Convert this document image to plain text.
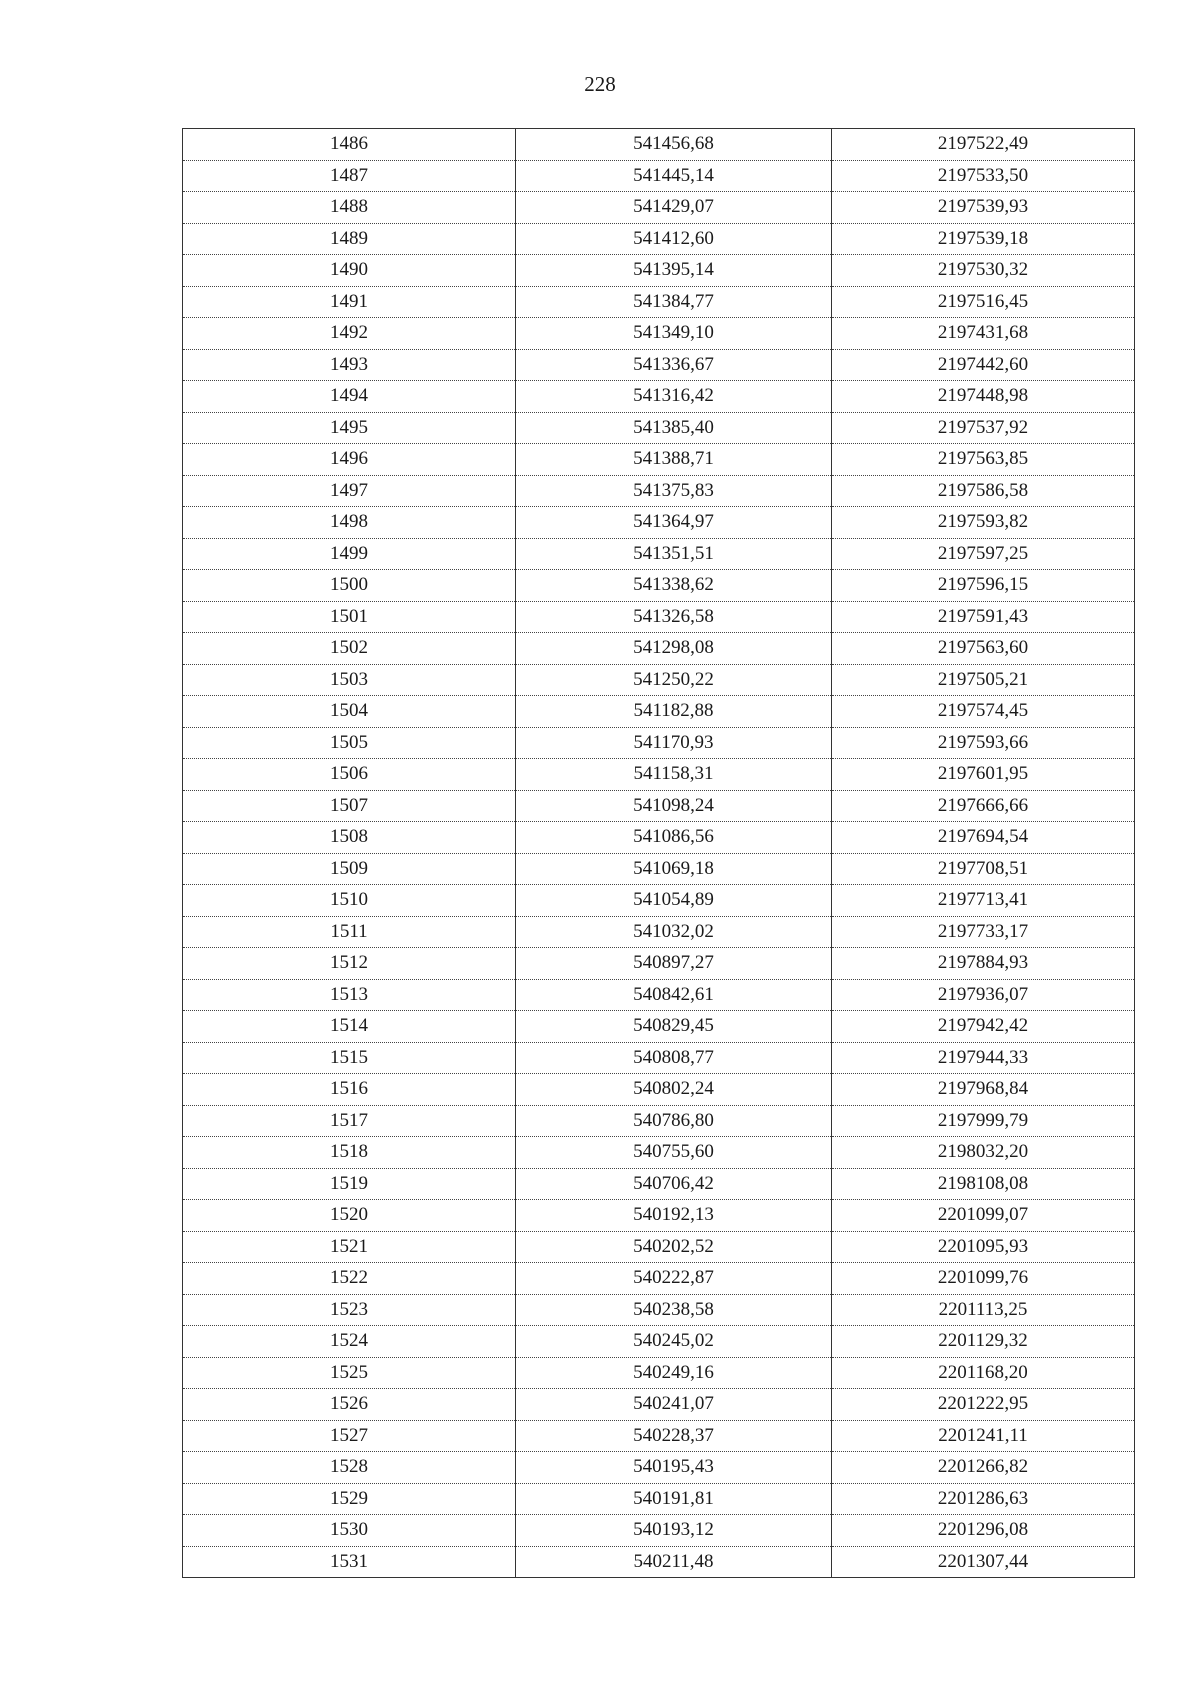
228
1486	541456,68	2197522,49
1487	541445,14	2197533,50
1488	541429,07	2197539,93
1489	541412,60	2197539,18
1490	541395,14	2197530,32
1491	541384,77	2197516,45
1492	541349,10	2197431,68
1493	541336,67	2197442,60
1494	541316,42	2197448,98
1495	541385,40	2197537,92
1496	541388,71	2197563,85
1497	541375,83	2197586,58
1498	541364,97	2197593,82
1499	541351,51	2197597,25
1500	541338,62	2197596,15
1501	541326,58	2197591,43
1502	541298,08	2197563,60
1503	541250,22	2197505,21
1504	541182,88	2197574,45
1505	541170,93	2197593,66
1506	541158,31	2197601,95
1507	541098,24	2197666,66
1508	541086,56	2197694,54
1509	541069,18	2197708,51
1510	541054,89	2197713,41
1511	541032,02	2197733,17
1512	540897,27	2197884,93
1513	540842,61	2197936,07
1514	540829,45	2197942,42
1515	540808,77	2197944,33
1516	540802,24	2197968,84
1517	540786,80	2197999,79
1518	540755,60	2198032,20
1519	540706,42	2198108,08
1520	540192,13	2201099,07
1521	540202,52	2201095,93
1522	540222,87	2201099,76
1523	540238,58	2201113,25
1524	540245,02	2201129,32
1525	540249,16	2201168,20
1526	540241,07	2201222,95
1527	540228,37	2201241,11
1528	540195,43	2201266,82
1529	540191,81	2201286,63
1530	540193,12	2201296,08
1531	540211,48	2201307,44
